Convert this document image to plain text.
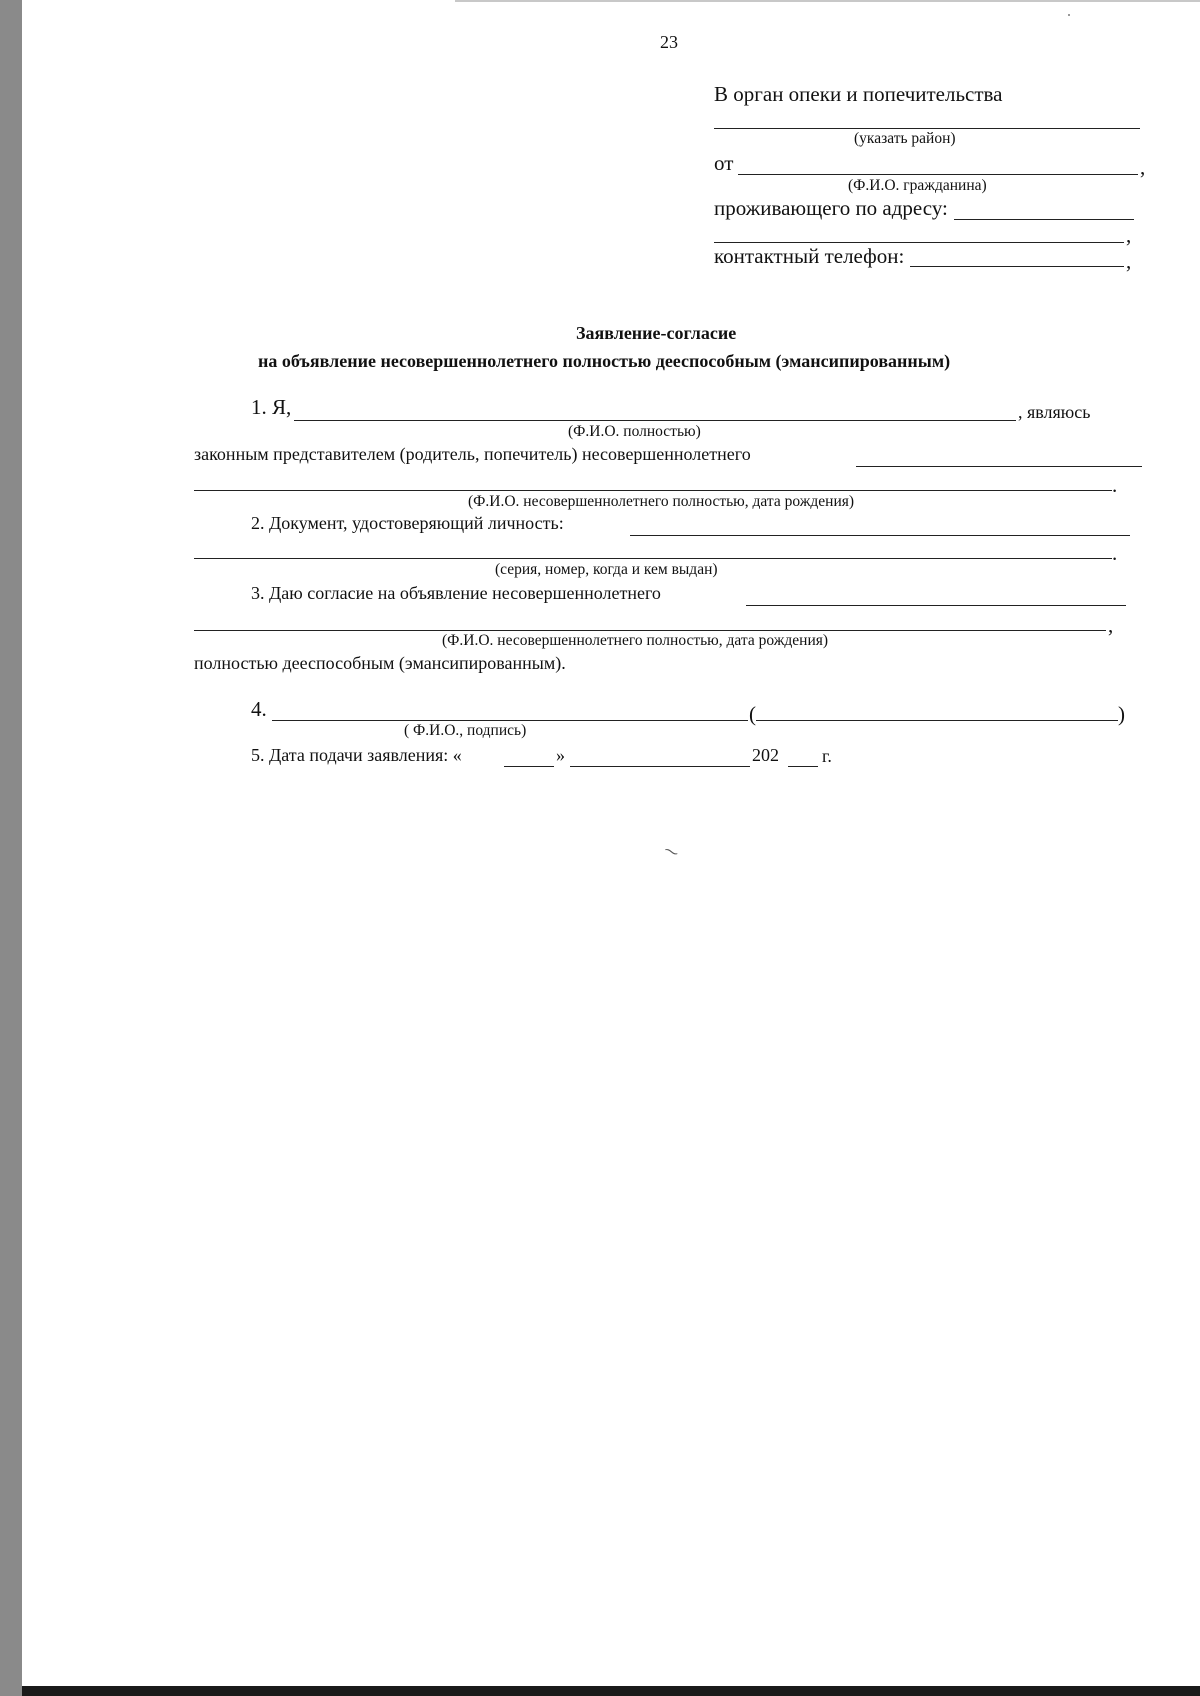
23
В орган опеки и попечительства
(указать район)
от	,
(Ф.И.О. гражданина)
проживающего по адресу:
,
контактный телефон:	,
Заявление-согласие
на объявление несовершеннолетнего полностью дееспособным (эмансипированным)
1. Я,	, являюсь
(Ф.И.О. полностью)
законным представителем (родитель, попечитель) несовершеннолетнего
.
(Ф.И.О. несовершеннолетнего полностью, дата рождения)
2. Документ, удостоверяющий личность:
.
(серия, номер, когда и кем выдан)
3. Даю согласие на объявление несовершеннолетнего
,
(Ф.И.О. несовершеннолетнего полностью, дата рождения)
полностью дееспособным (эмансипированным).
4.	(	)
( Ф.И.О., подпись)
5. Дата подачи заявления: «	»	202 г.
⁓
